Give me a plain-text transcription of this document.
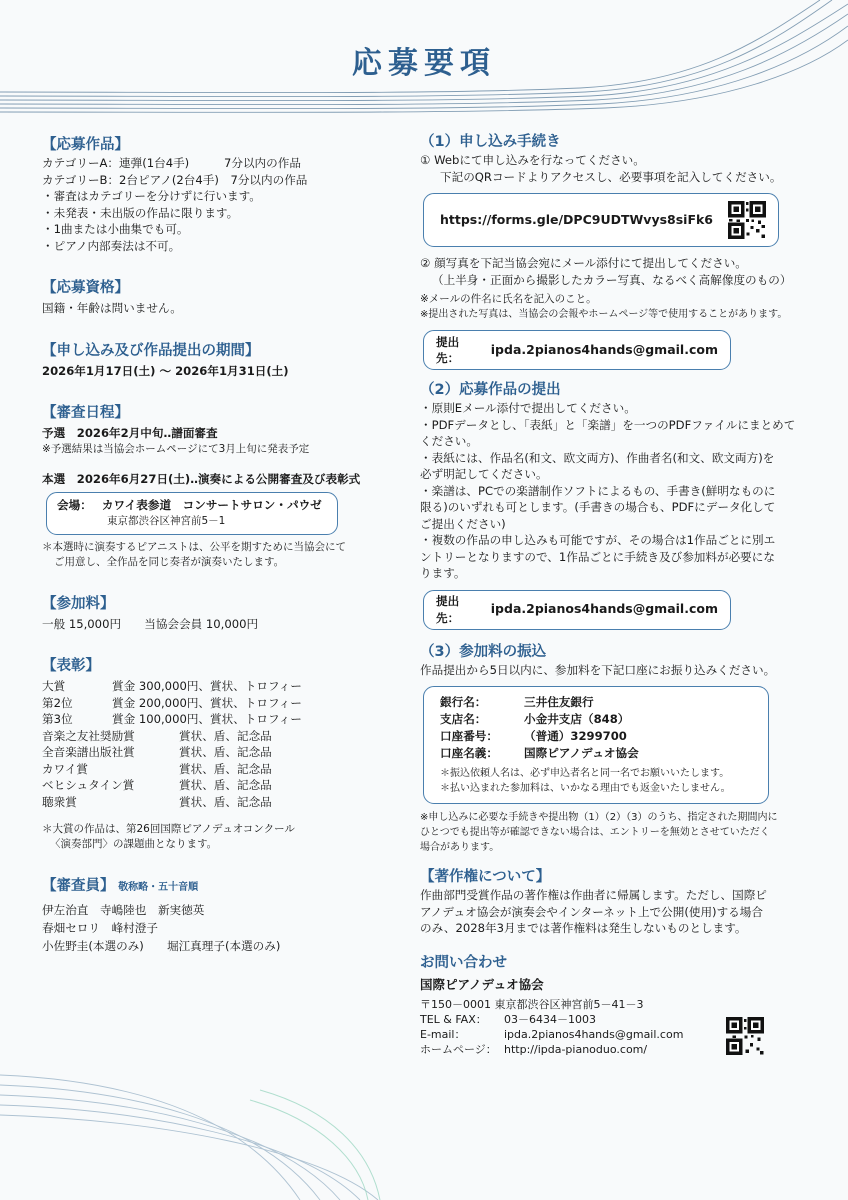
応募要項
【応募作品】
カテゴリーA：連弾(1台4手)　　　7分以内の作品
カテゴリーB：2台ピアノ(2台4手)　7分以内の作品
・審査はカテゴリーを分けずに行います。
・未発表・未出版の作品に限ります。
・1曲または小曲集でも可。
・ピアノ内部奏法は不可。
【応募資格】
国籍・年齢は問いません。
【申し込み及び作品提出の期間】
2026年1月17日(土) 〜 2026年1月31日(土)
【審査日程】
予選　2026年2月中旬‥譜面審査
※予選結果は当協会ホームページにて3月上旬に発表予定
本選　2026年6月27日(土)‥演奏による公開審査及び表彰式
会場： カワイ表参道　コンサートサロン・パウゼ
東京都渋谷区神宮前5－1
＊本選時に演奏するピアニストは、公平を期すために当協会にて
ご用意し、全作品を同じ奏者が演奏いたします。
【参加料】
一般 15,000円　　当協会会員 10,000円
【表彰】
大賞	賞金 300,000円、賞状、トロフィー
第2位	賞金 200,000円、賞状、トロフィー
第3位	賞金 100,000円、賞状、トロフィー
音楽之友社奨励賞	賞状、盾、記念品
全音楽譜出版社賞	賞状、盾、記念品
カワイ賞	賞状、盾、記念品
ベヒシュタイン賞	賞状、盾、記念品
聴衆賞	賞状、盾、記念品
＊大賞の作品は、第26回国際ピアノデュオコンクール
〈演奏部門〉の課題曲となります。
【審査員】 敬称略・五十音順
伊左治直　寺嶋陸也　新実徳英
春畑セロリ　峰村澄子
小佐野圭(本選のみ)　　堀江真理子(本選のみ)
（1）申し込み手続き
① Webにて申し込みを行なってください。
下記のQRコードよりアクセスし、必要事項を記入してください。
https://forms.gle/DPC9UDTWvys8siFk6
② 顔写真を下記当協会宛にメール添付にて提出してください。
（上半身・正面から撮影したカラー写真、なるべく高解像度のもの）
※メールの件名に氏名を記入のこと。
※提出された写真は、当協会の会報やホームページ等で使用することがあります。
提出先：
ipda.2pianos4hands@gmail.com
（2）応募作品の提出
・原則Eメール添付で提出してください。
・PDFデータとし、「表紙」と「楽譜」を一つのPDFファイルにまとめて
ください。
・表紙には、作品名(和文、欧文両方)、作曲者名(和文、欧文両方)を
必ず明記してください。
・楽譜は、PCでの楽譜制作ソフトによるもの、手書き(鮮明なものに
限る)のいずれも可とします。(手書きの場合も、PDFにデータ化して
ご提出ください)
・複数の作品の申し込みも可能ですが、その場合は1作品ごとに別エ
ントリーとなりますので、1作品ごとに手続き及び参加料が必要にな
ります。
提出先：
ipda.2pianos4hands@gmail.com
（3）参加料の振込
作品提出から5日以内に、参加料を下記口座にお振り込みください。
銀行名：	三井住友銀行
支店名：	小金井支店（848）
口座番号： （普通）3299700
口座名義： 国際ピアノデュオ協会
＊振込依頼人名は、必ず申込者名と同一名でお願いいたします。
＊払い込まれた参加料は、いかなる理由でも返金いたしません。
※申し込みに必要な手続きや提出物（1）（2）（3）のうち、指定された期間内に
ひとつでも提出等が確認できない場合は、エントリーを無効とさせていただく
場合があります。
【著作権について】
作曲部門受賞作品の著作権は作曲者に帰属します。ただし、国際ピ
アノデュオ協会が演奏会やインターネット上で公開(使用)する場合
のみ、2028年3月までは著作権料は発生しないものとします。
お問い合わせ
国際ピアノデュオ協会
〒150－0001 東京都渋谷区神宮前5－41－3
TEL & FAX： 03－6434－1003
E-mail：	ipda.2pianos4hands@gmail.com
ホームページ： http://ipda-pianoduo.com/
